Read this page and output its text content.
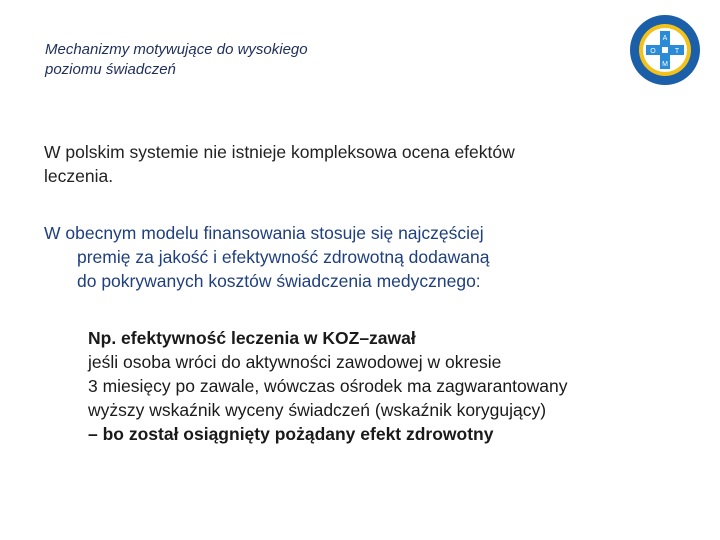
Mechanizmy motywujące do wysokiego
poziomu świadczeń
A
O	T
M
W polskim systemie nie istnieje kompleksowa ocena efektów
leczenia.
W obecnym modelu finansowania stosuje się najczęściej
premię za jakość i efektywność zdrowotną dodawaną
do pokrywanych kosztów świadczenia medycznego:
Np. efektywność leczenia w KOZ–zawał
jeśli osoba wróci do aktywności zawodowej w okresie
3 miesięcy po zawale, wówczas ośrodek ma zagwarantowany
wyższy wskaźnik wyceny świadczeń (wskaźnik korygujący)
– bo został osiągnięty pożądany efekt zdrowotny
